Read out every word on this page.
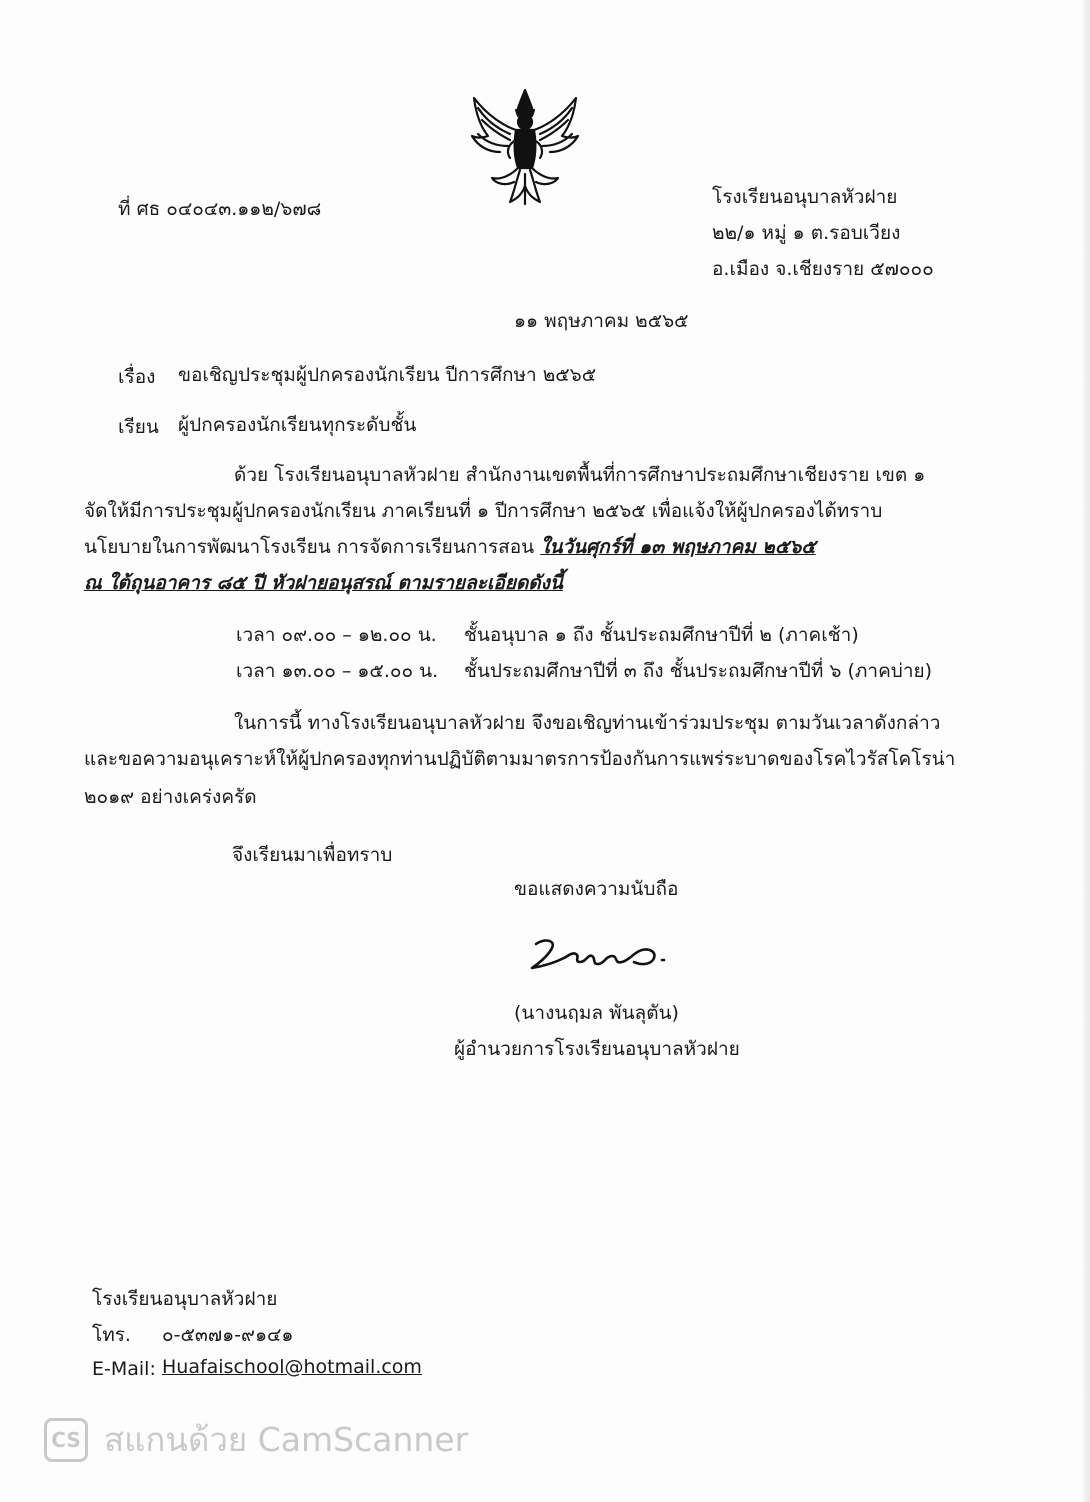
ที่ ศธ ๐๔๐๔๓.๑๑๒/๖๗๘
โรงเรียนอนุบาลหัวฝาย
๒๒/๑ หมู่ ๑ ต.รอบเวียง
อ.เมือง จ.เชียงราย ๕๗๐๐๐
๑๑ พฤษภาคม ๒๕๖๕
เรื่อง ขอเชิญประชุมผู้ปกครองนักเรียน ปีการศึกษา ๒๕๖๕
เรียน ผู้ปกครองนักเรียนทุกระดับชั้น
ด้วย โรงเรียนอนุบาลหัวฝาย สำนักงานเขตพื้นที่การศึกษาประถมศึกษาเชียงราย เขต ๑
จัดให้มีการประชุมผู้ปกครองนักเรียน ภาคเรียนที่ ๑ ปีการศึกษา ๒๕๖๕ เพื่อแจ้งให้ผู้ปกครองได้ทราบ
นโยบายในการพัฒนาโรงเรียน การจัดการเรียนการสอน ในวันศุกร์ที่ ๑๓ พฤษภาคม ๒๕๖๕
ณ ใต้ถุนอาคาร ๘๕ ปี หัวฝายอนุสรณ์ ตามรายละเอียดดังนี้
เวลา ๐๙.๐๐ – ๑๒.๐๐ น. ชั้นอนุบาล ๑ ถึง ชั้นประถมศึกษาปีที่ ๒ (ภาคเช้า)
เวลา ๑๓.๐๐ – ๑๕.๐๐ น. ชั้นประถมศึกษาปีที่ ๓ ถึง ชั้นประถมศึกษาปีที่ ๖ (ภาคบ่าย)
ในการนี้ ทางโรงเรียนอนุบาลหัวฝาย จึงขอเชิญท่านเข้าร่วมประชุม ตามวันเวลาดังกล่าว
และขอความอนุเคราะห์ให้ผู้ปกครองทุกท่านปฏิบัติตามมาตรการป้องกันการแพร่ระบาดของโรคไวรัสโคโรน่า
๒๐๑๙ อย่างเคร่งครัด
จึงเรียนมาเพื่อทราบ
ขอแสดงความนับถือ
(นางนฤมล พันลุตัน)
ผู้อำนวยการโรงเรียนอนุบาลหัวฝาย
โรงเรียนอนุบาลหัวฝาย
โทร. ๐-๕๓๗๑-๙๑๔๑
E-Mail: Huafaischool@hotmail.com
CS สแกนด้วย CamScanner
